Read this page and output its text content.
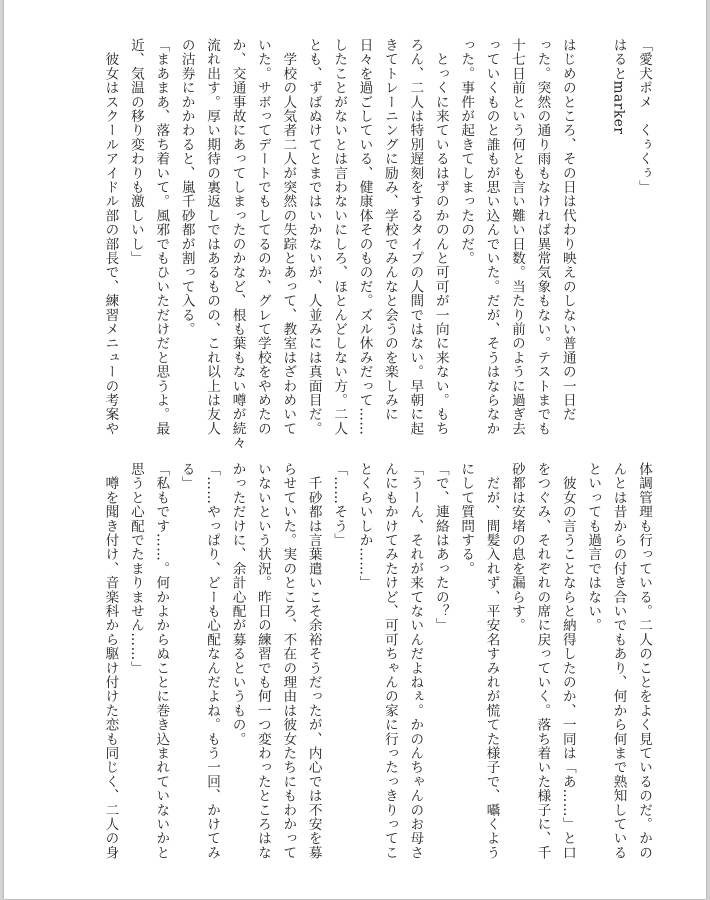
「愛犬ポメ　くぅくぅ」
はるとmarker
はじめのところ、その日は代わり映えのしない普通の一日だ
った。突然の通り雨もなければ異常気象もない。テストまでも
十七日前という何とも言い難い日数。当たり前のように過ぎ去
っていくものと誰もが思い込んでいた。だが、そうはならなか
った。事件が起きてしまったのだ。
　とっくに来ているはずのかのんと可可が一向に来ない。もち
ろん、二人は特別遅刻をするタイプの人間ではない。早朝に起
きてトレーニングに励み、学校でみんなと会うのを楽しみに
日々を過ごしている、健康体そのものだ。ズル休みだって……
したことがないとは言わないにしろ、ほとんどしない方。二人
とも、ずばぬけてとまではいかないが、人並みには真面目だ。
　学校の人気者二人が突然の失踪とあって、教室はざわめいて
いた。サボってデートでもしてるのか、グレて学校をやめたの
か、交通事故にあってしまったのかなど、根も葉もない噂が続々
流れ出す。厚い期待の裏返しではあるものの、これ以上は友人
の沽券にかかわると、嵐千砂都が割って入る。
「まあまあ、落ち着いて。風邪でもひいただけだと思うよ。最
近、気温の移り変わりも激しいし」
　彼女はスクールアイドル部の部長で、練習メニューの考案や
体調管理も行っている。二人のことをよく見ているのだ。かの
んとは昔からの付き合いでもあり、何から何まで熟知している
といっても過言ではない。
　彼女の言うことならと納得したのか、一同は「あ……」と口
をつぐみ、それぞれの席に戻っていく。落ち着いた様子に、千
砂都は安堵の息を漏らす。
　だが、間髪入れず、平安名すみれが慌てた様子で、囁くよう
にして質問する。
「で、連絡はあったの？」
「うーん、それが来てないんだよねぇ。かのんちゃんのお母さ
んにもかけてみたけど、可可ちゃんの家に行ったっきりってこ
とくらいしか……」
「……そう」
　千砂都は言葉遣いこそ余裕そうだったが、内心では不安を募
らせていた。実のところ、不在の理由は彼女たちにもわかって
いないという状況。昨日の練習でも何一つ変わったところはな
かっただけに、余計心配が募るというもの。
「……やっぱり、どーも心配なんだよね。もう一回、かけてみ
る」
「私もです……。何かよからぬことに巻き込まれていないかと
思うと心配でたまりません……」
　噂を聞き付け、音楽科から駆け付けた恋も同じく、二人の身
